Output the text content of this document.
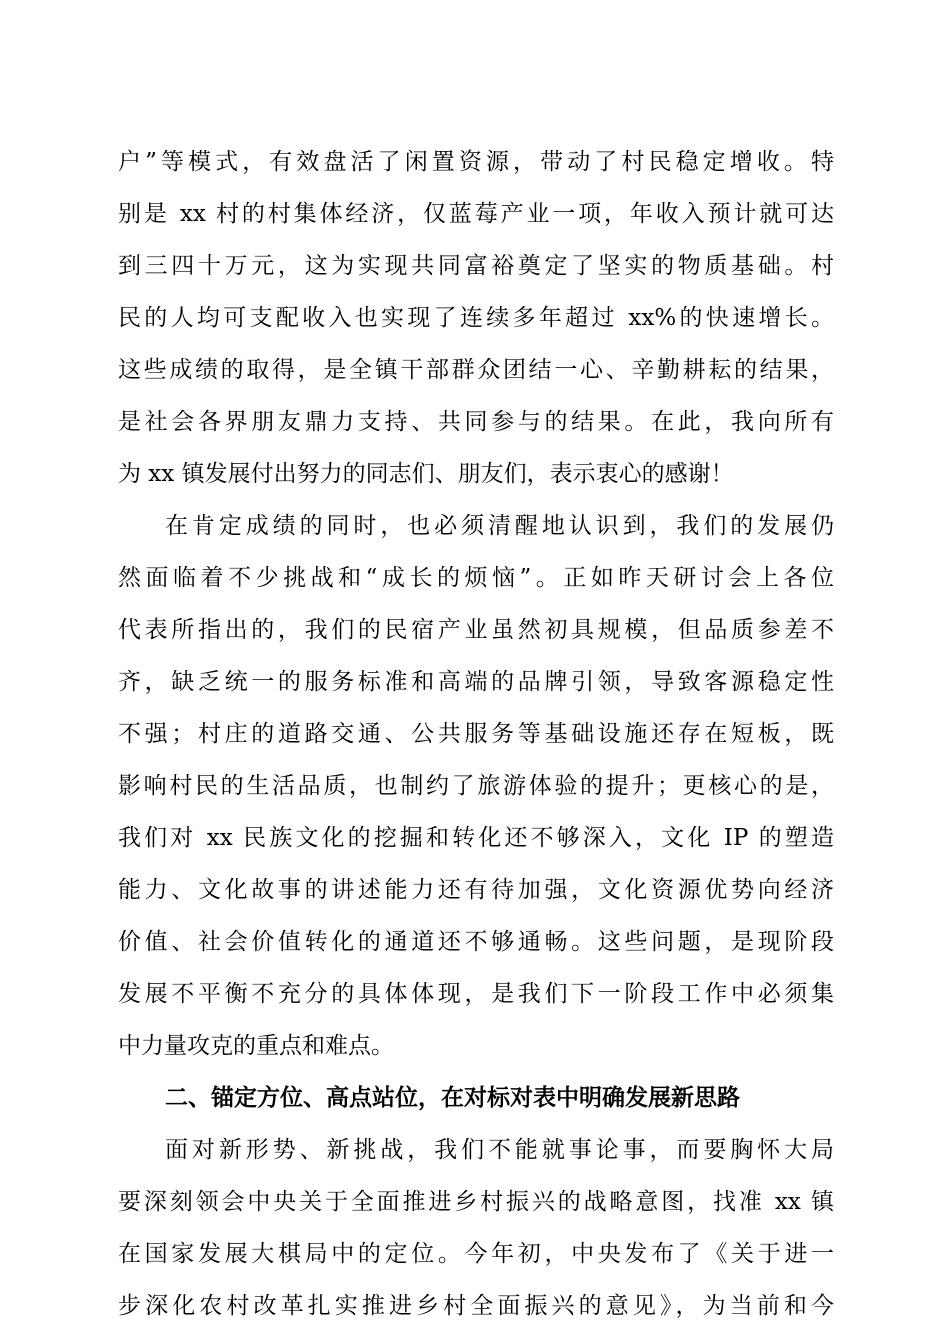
户”等模式，有效盘活了闲置资源，带动了村民稳定增收。特
别是 xx 村的村集体经济，仅蓝莓产业一项，年收入预计就可达
到三四十万元，这为实现共同富裕奠定了坚实的物质基础。村
民的人均可支配收入也实现了连续多年超过 xx%的快速增长。
这些成绩的取得，是全镇干部群众团结一心、辛勤耕耘的结果，
是社会各界朋友鼎力支持、共同参与的结果。在此，我向所有
为 xx 镇发展付出努力的同志们、朋友们，表示衷心的感谢！
在肯定成绩的同时，也必须清醒地认识到，我们的发展仍
然面临着不少挑战和“成长的烦恼”。正如昨天研讨会上各位
代表所指出的，我们的民宿产业虽然初具规模，但品质参差不
齐，缺乏统一的服务标准和高端的品牌引领，导致客源稳定性
不强；村庄的道路交通、公共服务等基础设施还存在短板，既
影响村民的生活品质，也制约了旅游体验的提升；更核心的是，
我们对 xx 民族文化的挖掘和转化还不够深入，文化 IP 的塑造
能力、文化故事的讲述能力还有待加强，文化资源优势向经济
价值、社会价值转化的通道还不够通畅。这些问题，是现阶段
发展不平衡不充分的具体体现，是我们下一阶段工作中必须集
中力量攻克的重点和难点。
二、锚定方位、高点站位，在对标对表中明确发展新思路
面对新形势、新挑战，我们不能就事论事，而要胸怀大局
要深刻领会中央关于全面推进乡村振兴的战略意图，找准 xx 镇
在国家发展大棋局中的定位。今年初，中央发布了《关于进一
步深化农村改革扎实推进乡村全面振兴的意见》，为当前和今
